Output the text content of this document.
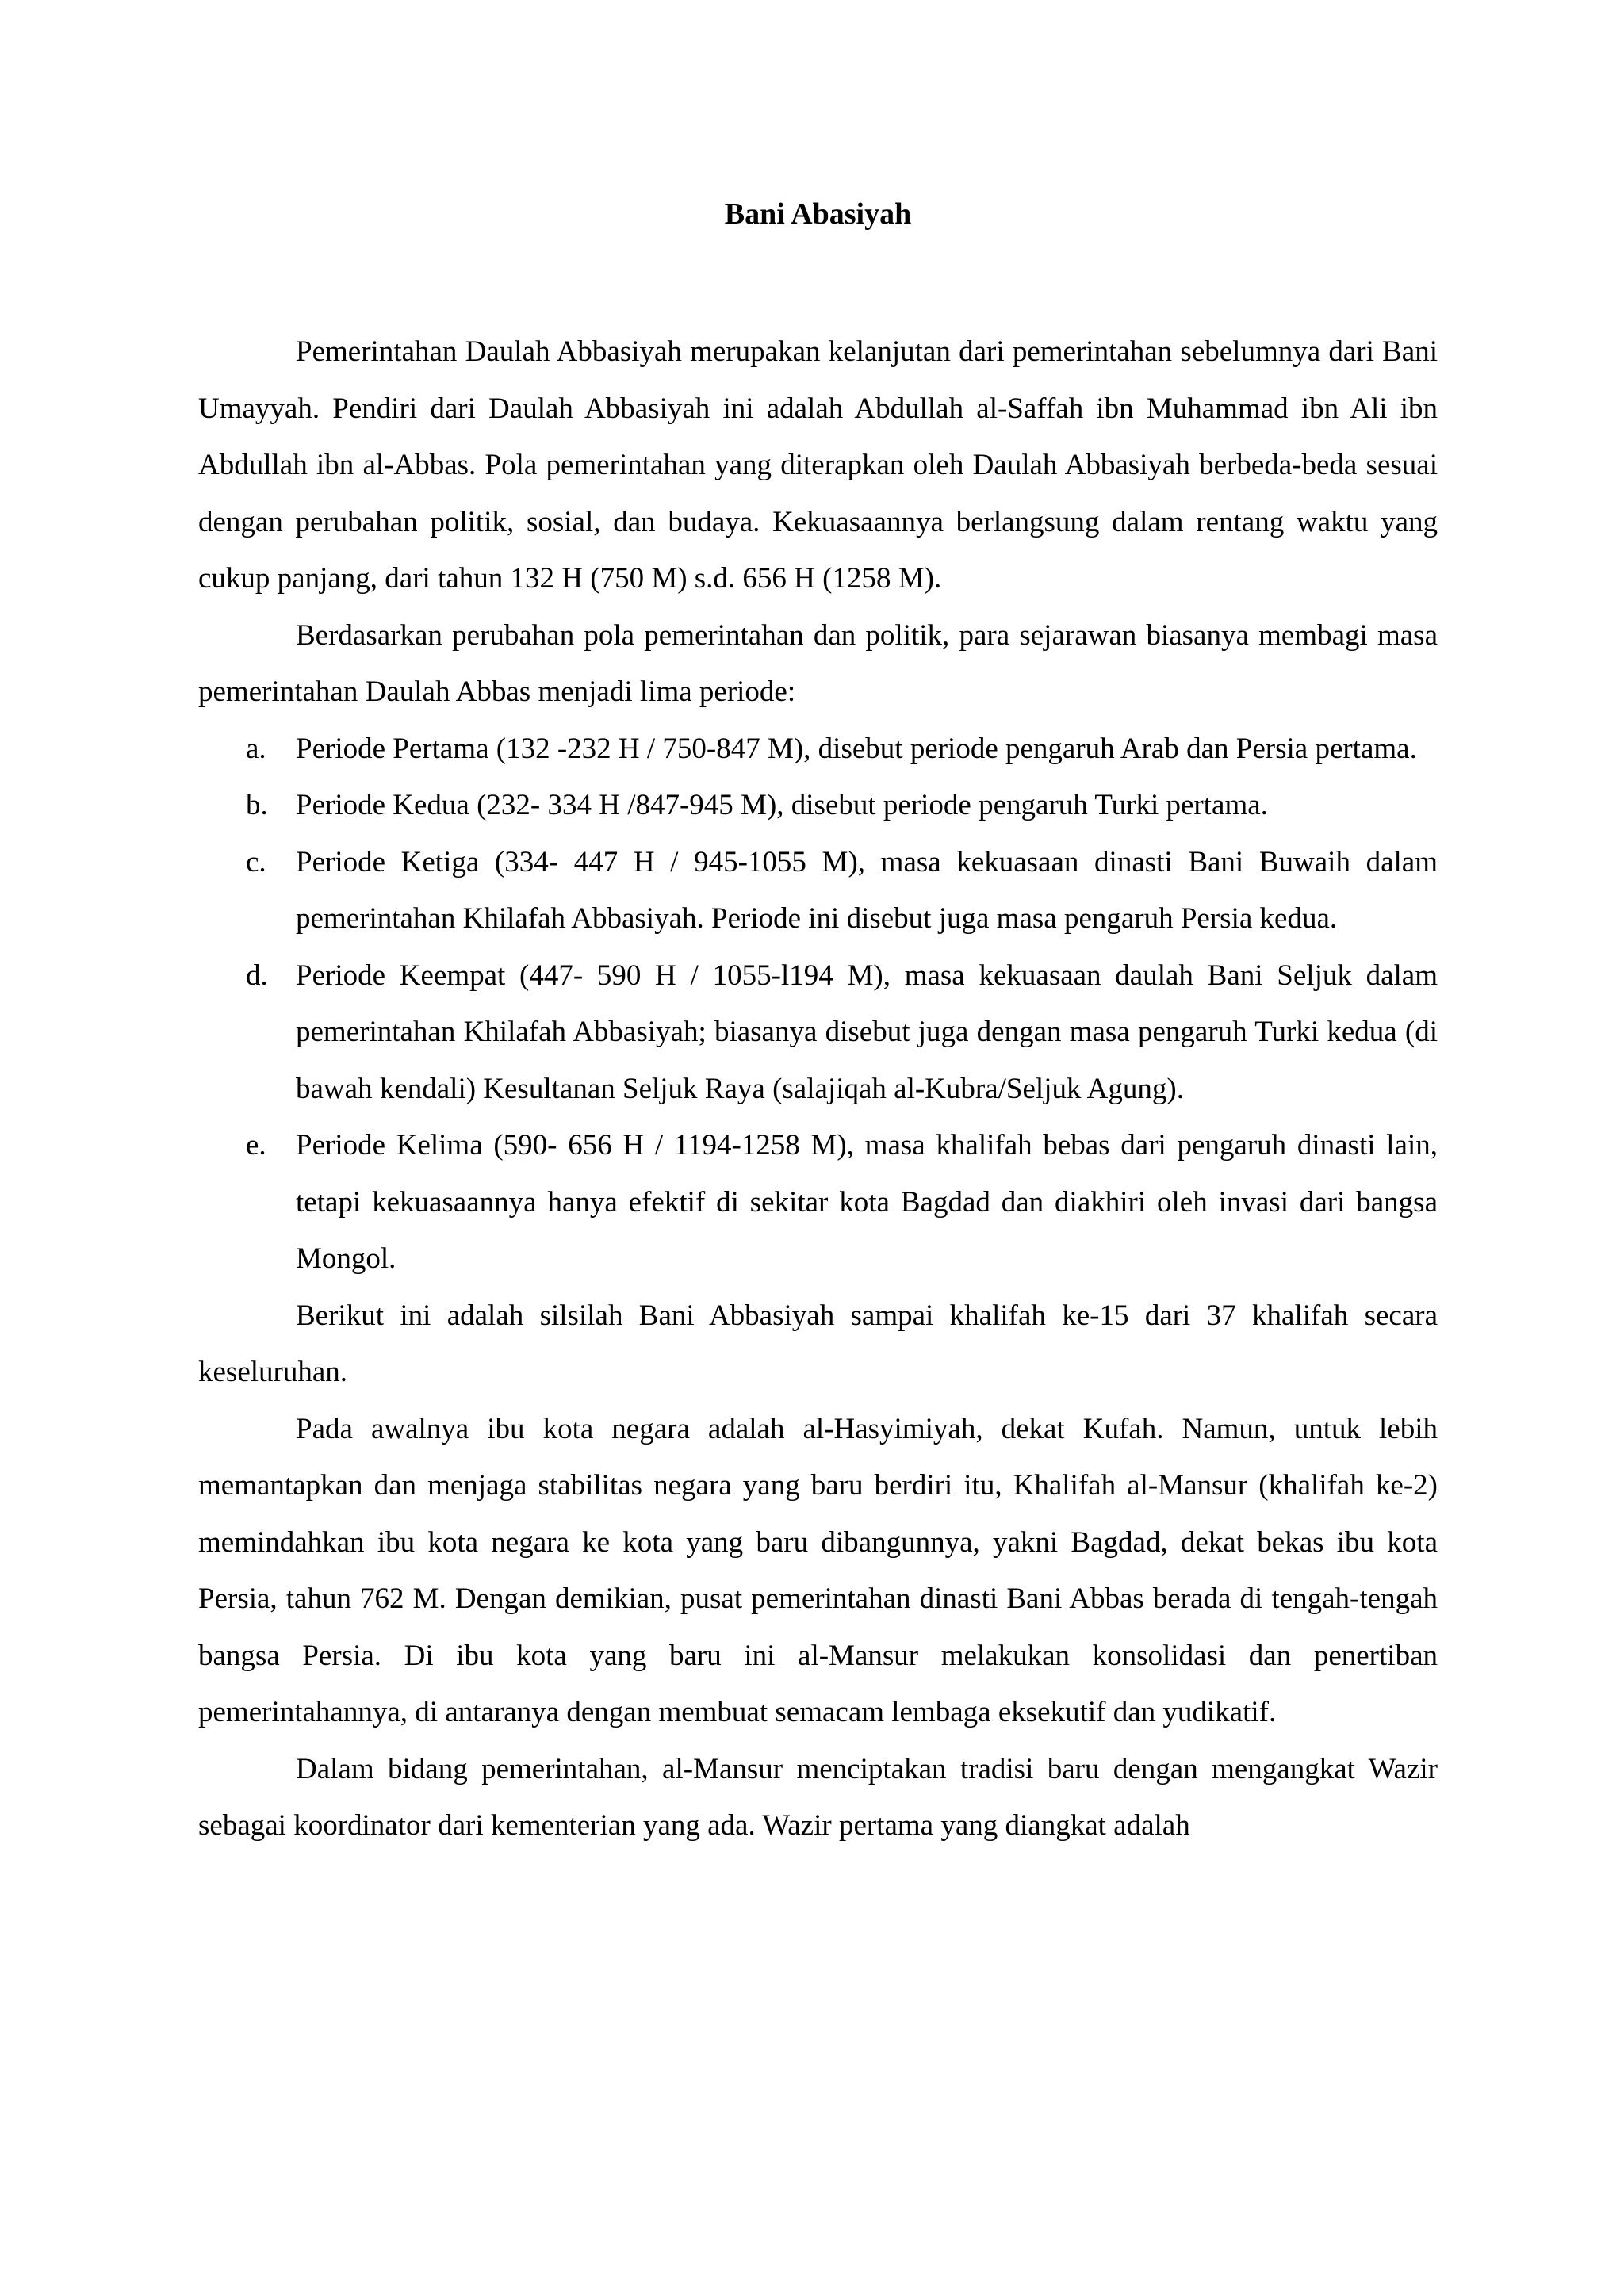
Bani Abasiyah

Pemerintahan Daulah Abbasiyah merupakan kelanjutan dari pemerintahan sebelumnya dari Bani Umayyah. Pendiri dari Daulah Abbasiyah ini adalah Abdullah al-Saffah ibn Muhammad ibn Ali ibn Abdullah ibn al-Abbas. Pola pemerintahan yang diterapkan oleh Daulah Abbasiyah berbeda-beda sesuai dengan perubahan politik, sosial, dan budaya. Kekuasaannya berlangsung dalam rentang waktu yang cukup panjang, dari tahun 132 H (750 M) s.d. 656 H (1258 M).

Berdasarkan perubahan pola pemerintahan dan politik, para sejarawan biasanya membagi masa pemerintahan Daulah Abbas menjadi lima periode:

a. Periode Pertama (132 -232 H / 750-847 M), disebut periode pengaruh Arab dan Persia pertama.
b. Periode Kedua (232- 334 H /847-945 M), disebut periode pengaruh Turki pertama.
c. Periode Ketiga (334- 447 H / 945-1055 M), masa kekuasaan dinasti Bani Buwaih dalam pemerintahan Khilafah Abbasiyah. Periode ini disebut juga masa pengaruh Persia kedua.
d. Periode Keempat (447- 590 H / 1055-l194 M), masa kekuasaan daulah Bani Seljuk dalam pemerintahan Khilafah Abbasiyah; biasanya disebut juga dengan masa pengaruh Turki kedua (di bawah kendali) Kesultanan Seljuk Raya (salajiqah al-Kubra/Seljuk Agung).
e. Periode Kelima (590- 656 H / 1194-1258 M), masa khalifah bebas dari pengaruh dinasti lain, tetapi kekuasaannya hanya efektif di sekitar kota Bagdad dan diakhiri oleh invasi dari bangsa Mongol.

Berikut ini adalah silsilah Bani Abbasiyah sampai khalifah ke-15 dari 37 khalifah secara keseluruhan.

Pada awalnya ibu kota negara adalah al-Hasyimiyah, dekat Kufah. Namun, untuk lebih memantapkan dan menjaga stabilitas negara yang baru berdiri itu, Khalifah al-Mansur (khalifah ke-2) memindahkan ibu kota negara ke kota yang baru dibangunnya, yakni Bagdad, dekat bekas ibu kota Persia, tahun 762 M. Dengan demikian, pusat pemerintahan dinasti Bani Abbas berada di tengah-tengah bangsa Persia. Di ibu kota yang baru ini al-Mansur melakukan konsolidasi dan penertiban pemerintahannya, di antaranya dengan membuat semacam lembaga eksekutif dan yudikatif.

Dalam bidang pemerintahan, al-Mansur menciptakan tradisi baru dengan mengangkat Wazir sebagai koordinator dari kementerian yang ada. Wazir pertama yang diangkat adalah
